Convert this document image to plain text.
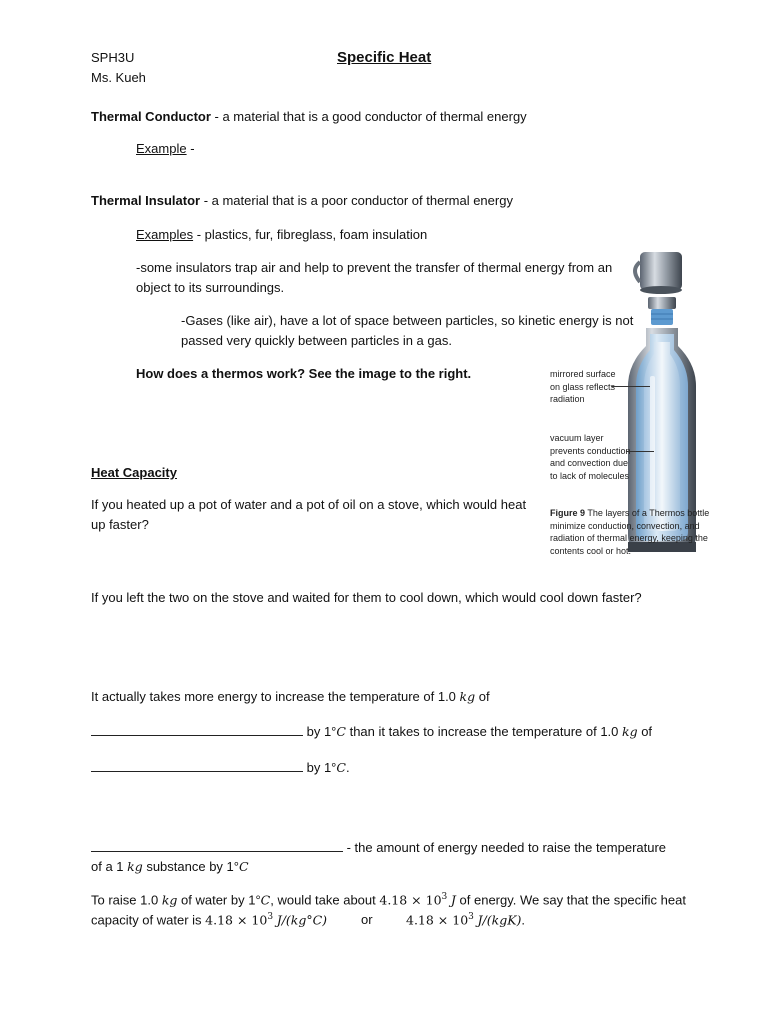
SPH3U
Ms. Kueh
Specific Heat
Thermal Conductor - a material that is a good conductor of thermal energy
Example -
Thermal Insulator - a material that is a poor conductor of thermal energy
Examples - plastics, fur, fibreglass, foam insulation
-some insulators trap air and help to prevent the transfer of thermal energy from an
object to its surroundings.
-Gases (like air), have a lot of space between particles, so kinetic energy is not
passed very quickly between particles in a gas.
How does a thermos work? See the image to the right.	mirrored surface
on glass reflects
radiation
vacuum layer
prevents conduction
and convection due
to lack of molecules
Figure 9 The layers of a Thermos bottle
minimize conduction, convection, and
radiation of thermal energy, keeping the
contents cool or hot.
Heat Capacity
If you heated up a pot of water and a pot of oil on a stove, which would heat
up faster?
If you left the two on the stove and waited for them to cool down, which would cool down faster?
It actually takes more energy to increase the temperature of 1.0 kg of
by 1°C than it takes to increase the temperature of 1.0 kg of
by 1°C.
- the amount of energy needed to raise the temperature
of a 1 kg substance by 1°C
To raise 1.0 kg of water by 1°C, would take about $4.18 \times 10^3$ J of energy. We say that the specific heat
capacity of water is $4.18 \times 10^3$ J/(kg°C)	or	$4.18 \times 10^3$ J/(kgK).
